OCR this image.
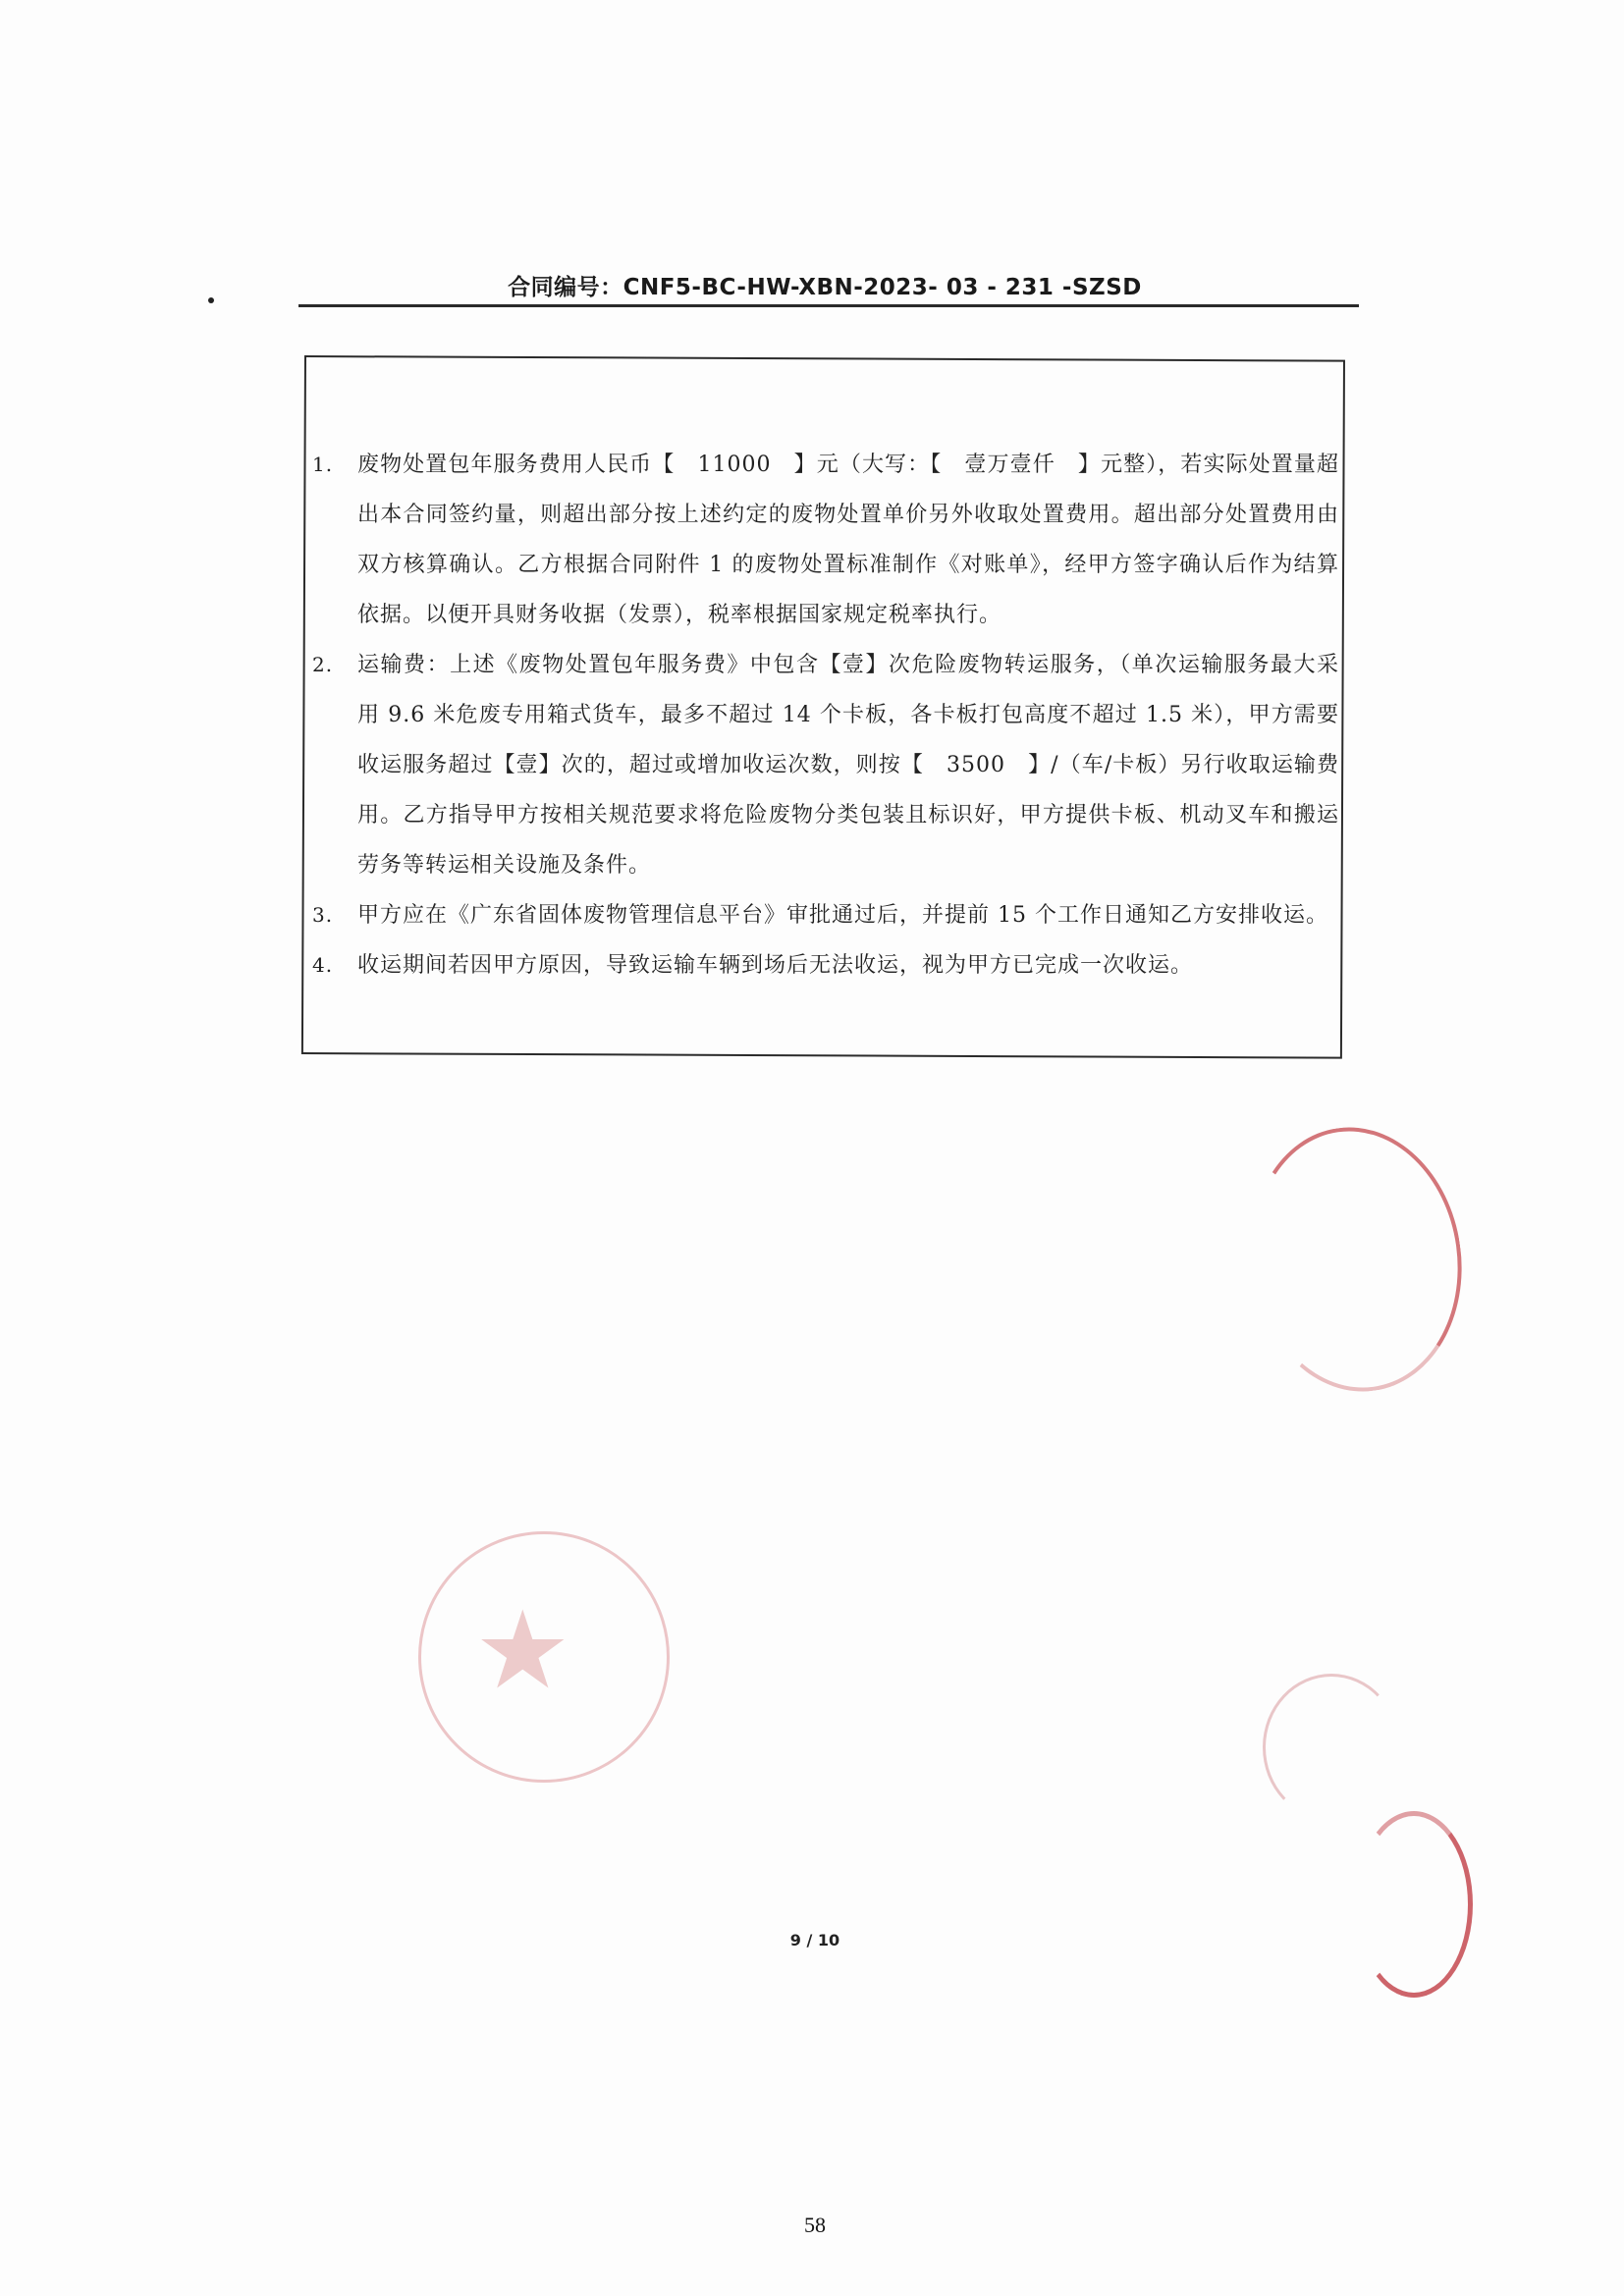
合同编号：CNF5-BC-HW-XBN-2023- 03 - 231 -SZSD
1. 废物处置包年服务费用人民币【　11000　】元（大写：【　壹万壹仟　】元整），若实际处置量超出本合同签约量，则超出部分按上述约定的废物处置单价另外收取处置费用。超出部分处置费用由双方核算确认。乙方根据合同附件 1 的废物处置标准制作《对账单》，经甲方签字确认后作为结算依据。以便开具财务收据（发票），税率根据国家规定税率执行。
2. 运输费：上述《废物处置包年服务费》中包含【壹】次危险废物转运服务，（单次运输服务最大采用 9.6 米危废专用箱式货车，最多不超过 14 个卡板，各卡板打包高度不超过 1.5 米），甲方需要收运服务超过【壹】次的，超过或增加收运次数，则按【　3500　】/（车/卡板）另行收取运输费用。乙方指导甲方按相关规范要求将危险废物分类包装且标识好，甲方提供卡板、机动叉车和搬运劳务等转运相关设施及条件。
3. 甲方应在《广东省固体废物管理信息平台》审批通过后，并提前 15 个工作日通知乙方安排收运。
4. 收运期间若因甲方原因，导致运输车辆到场后无法收运，视为甲方已完成一次收运。
★
9 / 10
58
